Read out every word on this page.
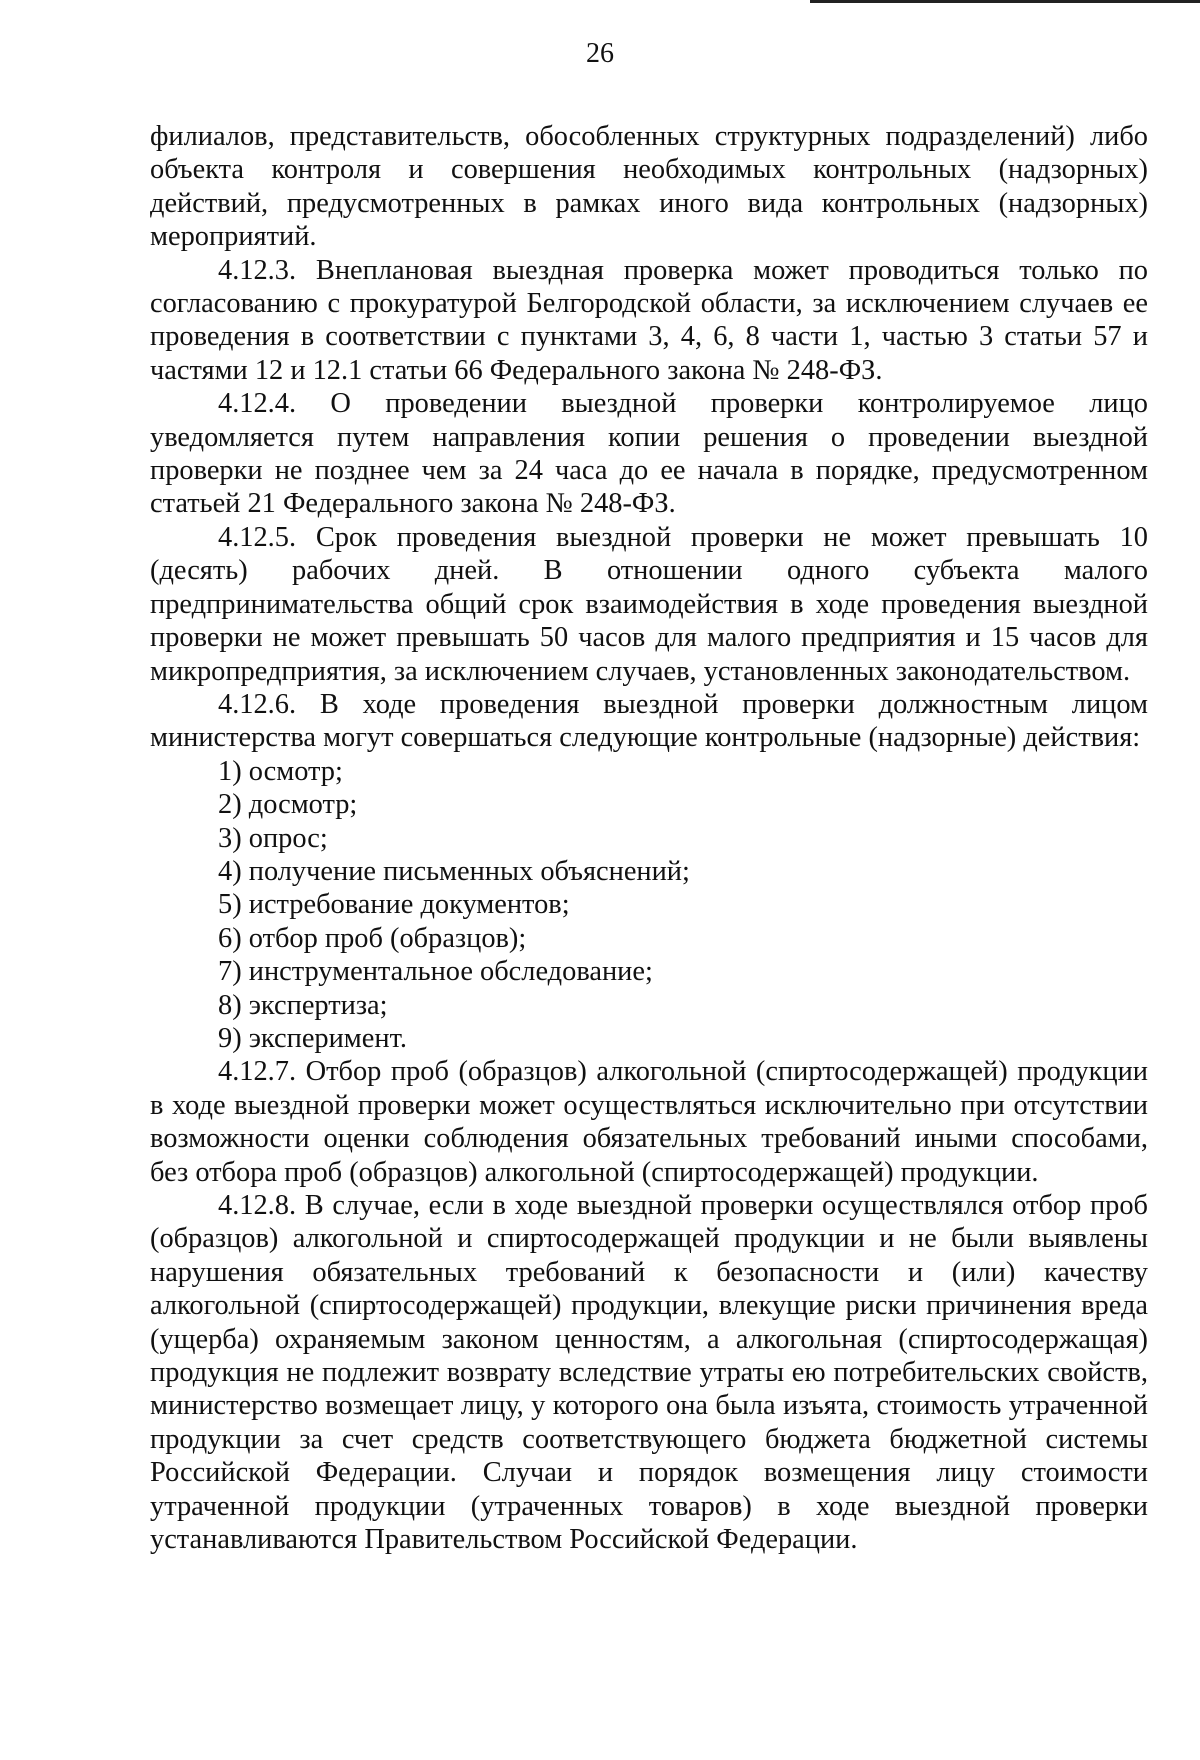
26

филиалов, представительств, обособленных структурных подразделений) либо объекта контроля и совершения необходимых контрольных (надзорных) действий, предусмотренных в рамках иного вида контрольных (надзорных) мероприятий.

4.12.3. Внеплановая выездная проверка может проводиться только по согласованию с прокуратурой Белгородской области, за исключением случаев ее проведения в соответствии с пунктами 3, 4, 6, 8 части 1, частью 3 статьи 57 и частями 12 и 12.1 статьи 66 Федерального закона № 248-ФЗ.

4.12.4. О проведении выездной проверки контролируемое лицо уведомляется путем направления копии решения о проведении выездной проверки не позднее чем за 24 часа до ее начала в порядке, предусмотренном статьей 21 Федерального закона № 248-ФЗ.

4.12.5. Срок проведения выездной проверки не может превышать 10 (десять) рабочих дней. В отношении одного субъекта малого предпринимательства общий срок взаимодействия в ходе проведения выездной проверки не может превышать 50 часов для малого предприятия и 15 часов для микропредприятия, за исключением случаев, установленных законодательством.

4.12.6. В ходе проведения выездной проверки должностным лицом министерства могут совершаться следующие контрольные (надзорные) действия:

1) осмотр;
2) досмотр;
3) опрос;
4) получение письменных объяснений;
5) истребование документов;
6) отбор проб (образцов);
7) инструментальное обследование;
8) экспертиза;
9) эксперимент.

4.12.7. Отбор проб (образцов) алкогольной (спиртосодержащей) продукции в ходе выездной проверки может осуществляться исключительно при отсутствии возможности оценки соблюдения обязательных требований иными способами, без отбора проб (образцов) алкогольной (спиртосодержащей) продукции.

4.12.8. В случае, если в ходе выездной проверки осуществлялся отбор проб (образцов) алкогольной и спиртосодержащей продукции и не были выявлены нарушения обязательных требований к безопасности и (или) качеству алкогольной (спиртосодержащей) продукции, влекущие риски причинения вреда (ущерба) охраняемым законом ценностям, а алкогольная (спиртосодержащая) продукция не подлежит возврату вследствие утраты ею потребительских свойств, министерство возмещает лицу, у которого она была изъята, стоимость утраченной продукции за счет средств соответствующего бюджета бюджетной системы Российской Федерации. Случаи и порядок возмещения лицу стоимости утраченной продукции (утраченных товаров) в ходе выездной проверки устанавливаются Правительством Российской Федерации.
